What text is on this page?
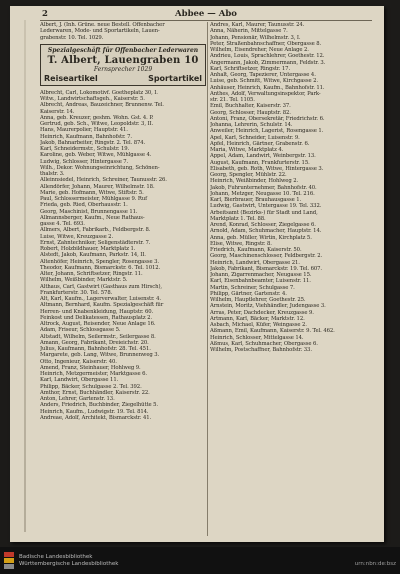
2	Abbee — Abo
Albert, J. (Inh. Grüne. neue Bestell. Offenbacher
Lederwaren, Mode- und Sportartikeln, Lauen-
grabenstr. 10. Tel. 1029.
Spezialgeschäft für Offenbacher Lederwaren
T. Albert, Lauengraben 10
Fernsprecher 1029
Reiseartikel	Sportartikel
Albrecht, Carl, Lokomotivf. Goetheplatz 30, I.
Witw., Landwirtschaftsgeh., Kaiserstr. 5.
Albrecht, Andreas, Bauzeichner, Brunnenw. Tel.
Kaiserstr. 14.
Anna, geb. Kreuzer, geshm. Wohn. Gst. 4. P.
Gertrud, geb. Sch., Witwe, Leopoldstr. 3, II.
Hans, Maurerpolier, Hauptstr. 41.
Heinrich, Kaufmann, Bahnhofstr. 7.
Jakob, Bahnarbeiter, Ringstr. 2. Tel. 874.
Karl, Schneidermstr., Schulstr. 19.
Karoline, geb. Weber, Witwe, Mühlgasse 4.
Ludwig, Schlosser, Hintergasse 7.
Wilh., Dekor. Wohnungseinrichtung, Schönen-
thalstr. 3.
Alleinnsiedel, Heinrich, Schreiner, Taunusstr. 26.
Allendörfer, Johann, Maurer, Wilhelmstr. 18.
Marie, geb. Hofmann, Witwe, Stiftstr. 5.
Paul, Schlossermeister, Mühlgasse 9. Ruf
Frieda, geb. Ried, Oberhausstr. 1.
Georg, Maschinist, Brunnengasse 11.
Allmannsberger, Kaufm., Neue Rathaus-
gasse 4. Tel. 693.
Allmers, Albert, Fabrikarb., Feldbergstr. 8.
Luise, Witwe, Kreuzgasse 2.
Ernst, Zahntechniker, Seligenstädterstr. 7.
Robert, Holzbildhauer, Marktplatz 1.
Alstedt, Jakob, Kaufmann, Parkstr. 14, II.
Altenhöfer, Heinrich, Spengler, Rosengasse 3.
Theodor, Kaufmann, Bismarckstr. 6. Tel. 1012.
Alter, Johann, Schriftsetzer, Ringstr. 11.
Wilhelm, Weißbinder, Marktstr. 5.
Althaus, Carl, Gastwirt (Gasthaus zum Hirsch),
Frankfurterstr. 30. Tel. 578.
Alt, Karl, Kaufm., Lagerverwalter, Luisenstr. 4.
Altmann, Bernhard, Kaufm. Spezialgeschäft für
Herren- und Knabenkleidung, Hauptstr. 60.
Feinkost und Delikatessen, Rathausplatz 2.
Altrock, August, Reisender, Neue Anlage 16.
Adam, Friseur, Schlossgasse 5.
Altstadt, Wilhelm, Seilermstr., Seilergasse 8.
Amann, Georg, Fabrikant, Dreieichstr. 20.
Julius, Kaufmann, Bahnhofstr. 28. Tel. 451.
Margarete, geb. Lang, Witwe, Brunnenweg 3.
Otto, Ingenieur, Kaiserstr. 40.
Amend, Franz, Steinhauer, Hohlweg 9.
Heinrich, Metzgermeister, Marktgasse 6.
Karl, Landwirt, Obergasse 11.
Philipp, Bäcker, Schulgasse 2. Tel. 392.
Amthor, Ernst, Buchhändler, Kaiserstr. 22.
Anton, Lehrer, Gartenstr. 13.
Anders, Friedrich, Buchbinder, Ziegelhütte 5.
Heinrich, Kaufm., Ludwigstr. 19. Tel. 814.
Andreae, Adolf, Architekt, Bismarckstr. 41.
Andres, Karl, Maurer, Taunusstr. 24.
Anna, Näherin, Mittelgasse 7.
Johann, Pensionär, Wilhelmstr. 3, I.
Peter, Straßenbahnschaffner, Obergasse 8.
Wilhelm, Eisendreher, Neue Anlage 2.
Andrieu, Louis, Sprachlehrer, Goethestr. 12.
Angermann, Jakob, Zimmermann, Feldstr. 3.
Karl, Schriftsetzer, Ringstr. 17.
Anhalt, Georg, Tapezierer, Untergasse 4.
Luise, geb. Schmitt, Witwe, Kirchgasse 2.
Anhäuser, Heinrich, Kaufm., Bahnhofstr. 11.
Anthes, Adolf, Verwaltungsinspektor, Park-
str. 21. Tel. 1105.
Emil, Buchhalter, Kaiserstr. 37.
Georg, Schlosser, Hauptstr. 82.
Antoni, Franz, Obersekretär, Friedrichstr. 6.
Johanna, Lehrerin, Schulstr. 14.
Anweiler, Heinrich, Lagerist, Rosengasse 1.
Apel, Karl, Schneider, Luisenstr. 9.
Apfel, Heinrich, Gärtner, Grabenstr. 6.
Maria, Witwe, Marktplatz 4.
Appel, Adam, Landwirt, Weinbergstr. 13.
August, Kaufmann, Frankfurterstr. 15.
Elisabeth, geb. Roth, Witwe, Hintergasse 3.
Georg, Spengler, Mühlstr. 22.
Heinrich, Weißbinder, Hohlweg 2.
Jakob, Fuhrunternehmer, Bahnhofstr. 40.
Johann, Metzger, Neugasse 10. Tel. 216.
Karl, Bierbrauer, Brauhausgasse 1.
Ludwig, Gastwirt, Untergasse 19. Tel. 332.
Arbeitsamt (Bezirks-) für Stadt und Land,
Marktplatz 1. Tel. 88.
Arend, Konrad, Schlosser, Ziegelgasse 6.
Arnold, Adam, Schuhmacher, Hauptstr. 14.
Anna, geb. Müller, Wirtin, Kirchplatz 5.
Elise, Witwe, Ringstr. 8.
Friedrich, Kaufmann, Kaiserstr. 50.
Georg, Maschinenschlosser, Feldbergstr. 2.
Heinrich, Landwirt, Obergasse 21.
Jakob, Fabrikant, Bismarckstr. 19. Tel. 607.
Johann, Zigarrenmacher, Neugasse 15.
Karl, Eisenbahnbeamter, Luisenstr. 11.
Martin, Schreiner, Schulgasse 7.
Philipp, Gärtner, Gartenstr. 4.
Wilhelm, Hauptlehrer, Goethestr. 25.
Arnstein, Moritz, Viehhändler, Judengasse 3.
Arras, Peter, Dachdecker, Kreuzgasse 9.
Artmann, Karl, Bäcker, Marktstr. 12.
Asbach, Michael, Küfer, Weingasse 2.
Aßmann, Emil, Kaufmann, Kaiserstr. 9. Tel. 462.
Heinrich, Schlosser, Mittelgasse 14.
Aßmus, Karl, Schuhmacher, Obergasse 6.
Wilhelm, Postschaffner, Bahnhofstr. 33.
Badische Landesbibliothek
Württembergische Landesbibliothek	urn:nbn:de:bsz
